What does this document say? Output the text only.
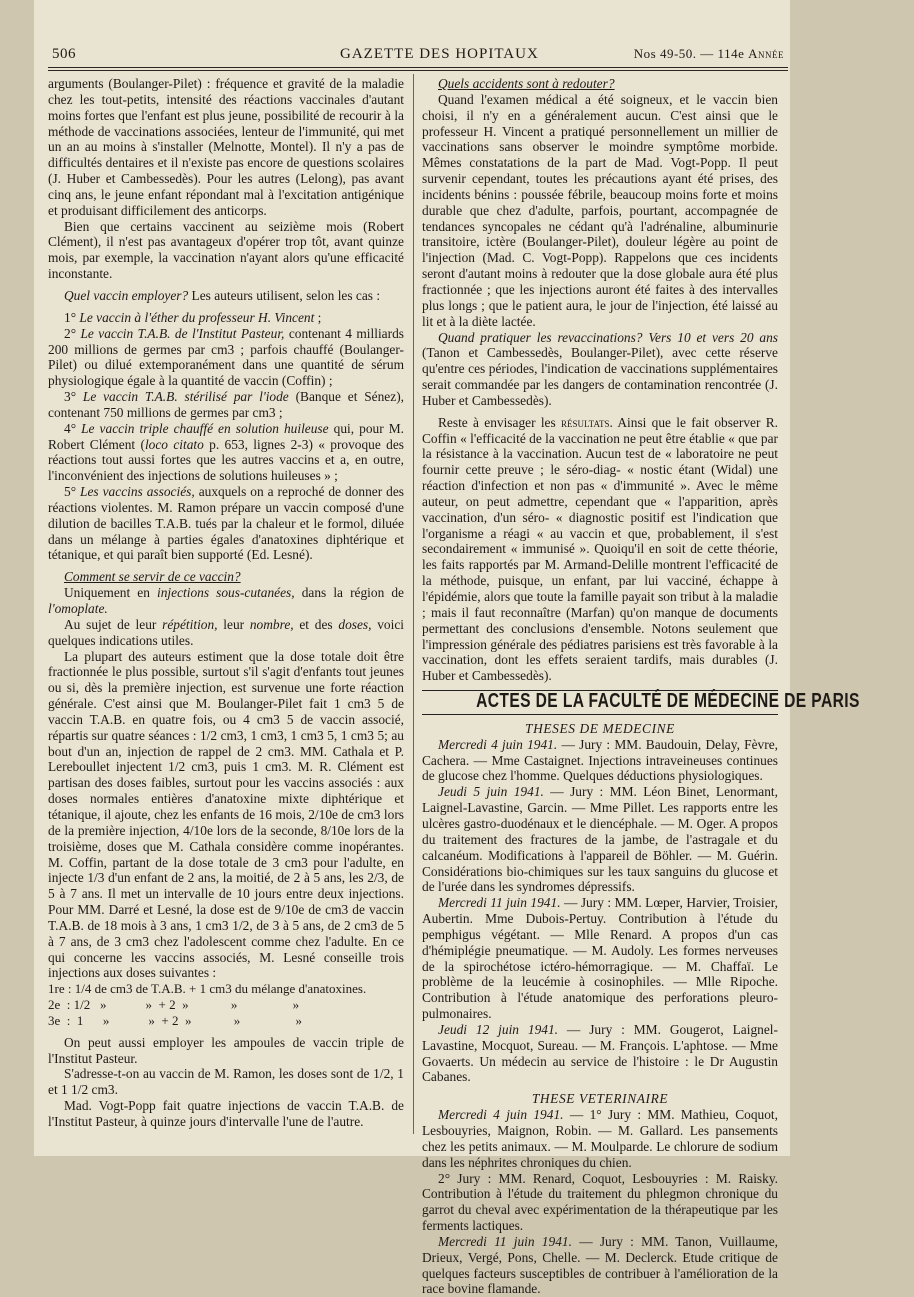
506	GAZETTE DES HOPITAUX	Nos 49-50. — 114e Année

arguments (Boulanger-Pilet) : fréquence et gravité de la maladie chez les tout-petits, intensité des réactions vaccinales d'autant moins fortes que l'enfant est plus jeune, possibilité de recourir à la méthode de vaccinations associées, lenteur de l'immunité, qui met un an au moins à s'installer (Melnotte, Montel). Il n'y a pas de difficultés dentaires et il n'existe pas encore de questions scolaires (J. Huber et Cambessedès). Pour les autres (Lelong), pas avant cinq ans, le jeune enfant répondant mal à l'excitation antigénique et produisant difficilement des anticorps.

Bien que certains vaccinent au seizième mois (Robert Clément), il n'est pas avantageux d'opérer trop tôt, avant quinze mois, par exemple, la vaccination n'ayant alors qu'une efficacité inconstante.

Quel vaccin employer? Les auteurs utilisent, selon les cas :

1° Le vaccin à l'éther du professeur H. Vincent ;

2° Le vaccin T.A.B. de l'Institut Pasteur, contenant 4 milliards 200 millions de germes par cm3 ; parfois chauffé (Boulanger-Pilet) ou dilué extemporanément dans une quantité de sérum physiologique égale à la quantité de vaccin (Coffin) ;

3° Le vaccin T.A.B. stérilisé par l'iode (Banque et Sénez), contenant 750 millions de germes par cm3 ;

4° Le vaccin triple chauffé en solution huileuse qui, pour M. Robert Clément (loco citato p. 653, lignes 2-3) « provoque des réactions tout aussi fortes que les autres vaccins et a, en outre, l'inconvénient des injections de solutions huileuses » ;

5° Les vaccins associés, auxquels on a reproché de donner des réactions violentes. M. Ramon prépare un vaccin composé d'une dilution de bacilles T.A.B. tués par la chaleur et le formol, diluée dans un mélange à parties égales d'anatoxines diphtérique et tétanique, et qui paraît bien supporté (Ed. Lesné).

Comment se servir de ce vaccin?

Uniquement en injections sous-cutanées, dans la région de l'omoplate.

Au sujet de leur répétition, leur nombre, et des doses, voici quelques indications utiles.

La plupart des auteurs estiment que la dose totale doit être fractionnée le plus possible, surtout s'il s'agit d'enfants tout jeunes ou si, dès la première injection, est survenue une forte réaction générale. C'est ainsi que M. Boulanger-Pilet fait 1 cm3 5 de vaccin T.A.B. en quatre fois, ou 4 cm3 5 de vaccin associé, répartis sur quatre séances : 1/2 cm3, 1 cm3, 1 cm3 5, 1 cm3 5; au bout d'un an, injection de rappel de 2 cm3. MM. Cathala et P. Lereboullet injectent 1/2 cm3, puis 1 cm3. M. R. Clément est partisan des doses faibles, surtout pour les vaccins associés : aux doses normales entières d'anatoxine mixte diphtérique et tétanique, il ajoute, chez les enfants de 16 mois, 2/10e de cm3 lors de la première injection, 4/10e lors de la seconde, 8/10e lors de la troisième, doses que M. Cathala considère comme inopérantes. M. Coffin, partant de la dose totale de 3 cm3 pour l'adulte, en injecte 1/3 d'un enfant de 2 ans, la moitié, de 2 à 5 ans, les 2/3, de 5 à 7 ans. Il met un intervalle de 10 jours entre deux injections. Pour MM. Darré et Lesné, la dose est de 9/10e de cm3 de vaccin T.A.B. de 18 mois à 3 ans, 1 cm3 1/2, de 3 à 5 ans, de 2 cm3 de 5 à 7 ans, de 3 cm3 chez l'adolescent comme chez l'adulte. En ce qui concerne les vaccins associés, M. Lesné conseille trois injections aux doses suivantes :

1re : 1/4 de cm3 de T.A.B. + 1 cm3 du mélange d'anatoxines.
2e  : 1/2   »            »  + 2  »             »                 »
3e  :  1      »            »  + 2  »             »                 »

On peut aussi employer les ampoules de vaccin triple de l'Institut Pasteur.

S'adresse-t-on au vaccin de M. Ramon, les doses sont de 1/2, 1 et 1 1/2 cm3.

Mad. Vogt-Popp fait quatre injections de vaccin T.A.B. de l'Institut Pasteur, à quinze jours d'intervalle l'une de l'autre.

Quels accidents sont à redouter?

Quand l'examen médical a été soigneux, et le vaccin bien choisi, il n'y en a généralement aucun. C'est ainsi que le professeur H. Vincent a pratiqué personnellement un millier de vaccinations sans observer le moindre symptôme morbide. Mêmes constatations de la part de Mad. Vogt-Popp. Il peut survenir cependant, toutes les précautions ayant été prises, des incidents bénins : poussée fébrile, beaucoup moins forte et moins durable que chez d'adulte, parfois, pourtant, accompagnée de tendances syncopales ne cédant qu'à l'adrénaline, albuminurie transitoire, ictère (Boulanger-Pilet), douleur légère au point de l'injection (Mad. C. Vogt-Popp). Rappelons que ces incidents seront d'autant moins à redouter que la dose globale aura été plus fractionnée ; que les injections auront été faites à des intervalles plus longs ; que le patient aura, le jour de l'injection, été laissé au lit et à la diète lactée.

Quand pratiquer les revaccinations? Vers 10 et vers 20 ans (Tanon et Cambessedès, Boulanger-Pilet), avec cette réserve qu'entre ces périodes, l'indication de vaccinations supplémentaires serait commandée par les dangers de contamination rencontrée (J. Huber et Cambessedès).

Reste à envisager les résultats. Ainsi que le fait observer R. Coffin « l'efficacité de la vaccination ne peut être établie « que par la résistance à la vaccination. Aucun test de « laboratoire ne peut fournir cette preuve ; le séro-diag- « nostic étant (Widal) une réaction d'infection et non pas « d'immunité ». Avec le même auteur, on peut admettre, cependant que « l'apparition, après vaccination, d'un séro- « diagnostic positif est l'indication que l'organisme a réagi « au vaccin et que, probablement, il s'est secondairement « immunisé ». Quoiqu'il en soit de cette théorie, les faits rapportés par M. Armand-Delille montrent l'efficacité de la méthode, puisque, un enfant, par lui vacciné, échappe à l'épidémie, alors que toute la famille payait son tribut à la maladie ; mais il faut reconnaître (Marfan) qu'on manque de documents permettant des conclusions d'ensemble. Notons seulement que l'impression générale des pédiatres parisiens est très favorable à la vaccination, dont les effets seraient tardifs, mais durables (J. Huber et Cambessedès).

ACTES DE LA FACULTÉ DE MÉDECINE DE PARIS
THESES DE MEDECINE

Mercredi 4 juin 1941. — Jury : MM. Baudouin, Delay, Fèvre, Cachera. — Mme Castaignet. Injections intraveineuses continues de glucose chez l'homme. Quelques déductions physiologiques.

Jeudi 5 juin 1941. — Jury : MM. Léon Binet, Lenormant, Laignel-Lavastine, Garcin. — Mme Pillet. Les rapports entre les ulcères gastro-duodénaux et le diencéphale. — M. Oger. A propos du traitement des fractures de la jambe, de l'astragale et du calcanéum. Modifications à l'appareil de Böhler. — M. Guérin. Considérations bio-chimiques sur les taux sanguins du glucose et de l'urée dans les syndromes dépressifs.

Mercredi 11 juin 1941. — Jury : MM. Lœper, Harvier, Troisier, Aubertin. Mme Dubois-Pertuy. Contribution à l'étude du pemphigus végétant. — Mlle Renard. A propos d'un cas d'hémiplégie pneumatique. — M. Audoly. Les formes nerveuses de la spirochétose ictéro-hémorragique. — M. Chaffaï. Le problème de la leucémie à cosinophiles. — Mlle Ripoche. Contribution à l'étude anatomique des perforations pleuro-pulmonaires.

Jeudi 12 juin 1941. — Jury : MM. Gougerot, Laignel-Lavastine, Mocquot, Sureau. — M. François. L'aphtose. — Mme Govaerts. Un médecin au service de l'histoire : le Dr Augustin Cabanes.

THESE VETERINAIRE

Mercredi 4 juin 1941. — 1° Jury : MM. Mathieu, Coquot, Lesbouyries, Maignon, Robin. — M. Gallard. Les pansements chez les petits animaux. — M. Moulparde. Le chlorure de sodium dans les néphrites chroniques du chien.

2° Jury : MM. Renard, Coquot, Lesbouyries : M. Raisky. Contribution à l'étude du traitement du phlegmon chronique du garrot du cheval avec expérimentation de la thérapeutique par les ferments lactiques.

Mercredi 11 juin 1941. — Jury : MM. Tanon, Vuillaume, Drieux, Vergé, Pons, Chelle. — M. Declerck. Etude critique de quelques facteurs susceptibles de contribuer à l'amélioration de la race bovine flamande.
